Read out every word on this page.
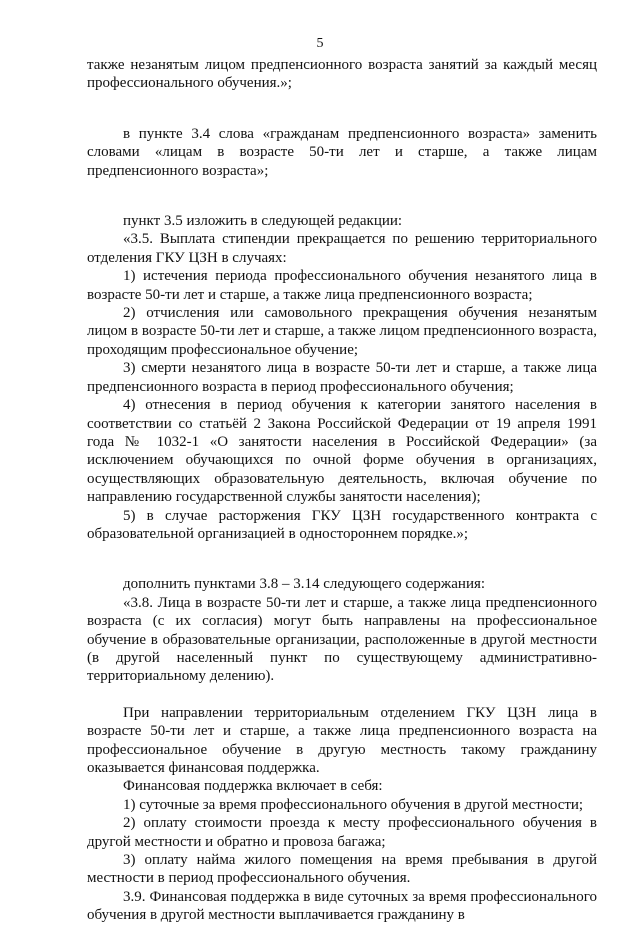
5

также незанятым лицом предпенсионного возраста занятий за каждый месяц профессионального обучения.»;

в пункте 3.4 слова «гражданам предпенсионного возраста» заменить словами «лицам в возрасте 50-ти лет и старше, а также лицам предпенсионного возраста»;

пункт 3.5 изложить в следующей редакции:

«3.5. Выплата стипендии прекращается по решению территориального отделения ГКУ ЦЗН в случаях:

1) истечения периода профессионального обучения незанятого лица в возрасте 50-ти лет и старше, а также лица предпенсионного возраста;

2) отчисления или самовольного прекращения обучения незанятым лицом в возрасте 50-ти лет и старше, а также лицом предпенсионного возраста, проходящим профессиональное обучение;

3) смерти незанятого лица в возрасте 50-ти лет и старше, а также лица предпенсионного возраста в период профессионального обучения;

4) отнесения в период обучения к категории занятого населения в соответствии со статьёй 2 Закона Российской Федерации от 19 апреля 1991 года № 1032-1 «О занятости населения в Российской Федерации» (за исключением обучающихся по очной форме обучения в организациях, осуществляющих образовательную деятельность, включая обучение по направлению государственной службы занятости населения);

5) в случае расторжения ГКУ ЦЗН государственного контракта с образовательной организацией в одностороннем порядке.»;

дополнить пунктами 3.8 – 3.14 следующего содержания:

«3.8. Лица в возрасте 50-ти лет и старше, а также лица предпенсионного возраста (с их согласия) могут быть направлены на профессиональное обучение в образовательные организации, расположенные в другой местности (в другой населенный пункт по существующему административно-территориальному делению).

При направлении территориальным отделением ГКУ ЦЗН лица в возрасте 50-ти лет и старше, а также лица предпенсионного возраста на профессиональное обучение в другую местность такому гражданину оказывается финансовая поддержка.

Финансовая поддержка включает в себя:

1) суточные за время профессионального обучения в другой местности;

2) оплату стоимости проезда к месту профессионального обучения в другой местности и обратно и провоза багажа;

3) оплату найма жилого помещения на время пребывания в другой местности в период профессионального обучения.

3.9. Финансовая поддержка в виде суточных за время профессионального обучения в другой местности выплачивается гражданину в
